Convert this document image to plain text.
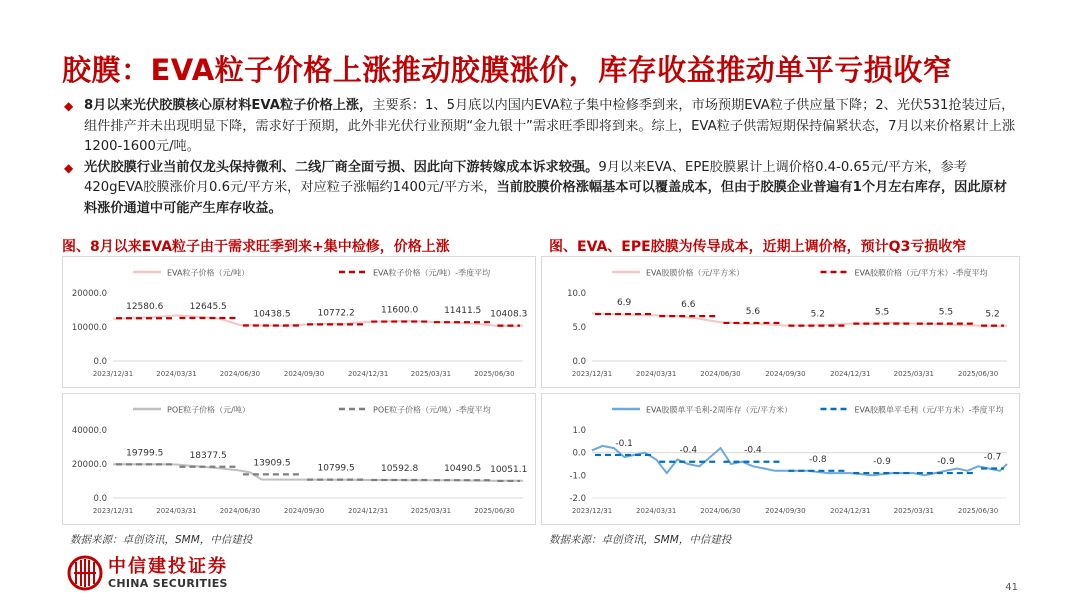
胶膜：EVA粒子价格上涨推动胶膜涨价，库存收益推动单平亏损收窄
◆ 8月以来光伏胶膜核心原材料EVA粒子价格上涨，主要系：1、5月底以内国内EVA粒子集中检修季到来，市场预期EVA粒子供应量下降；2、光伏531抢装过后，组件排产并未出现明显下降，需求好于预期，此外非光伏行业预期“金九银十”需求旺季即将到来。综上，EVA粒子供需短期保持偏紧状态，7月以来价格累计上涨1200-1600元/吨。
◆ 光伏胶膜行业当前仅龙头保持微利、二线厂商全面亏损、因此向下游转嫁成本诉求较强。9月以来EVA、EPE胶膜累计上调价格0.4-0.65元/平方米，参考420gEVA胶膜涨价月0.6元/平方米，对应粒子涨幅约1400元/平方米，当前胶膜价格涨幅基本可以覆盖成本，但由于胶膜企业普遍有1个月左右库存，因此原材料涨价通道中可能产生库存收益。
图、8月以来EVA粒子由于需求旺季到来+集中检修，价格上涨	图、EVA、EPE胶膜为传导成本，近期上调价格，预计Q3亏损收窄
EVA粒子价格（元/吨）	EVA粒子价格（元/吨）-季度平均
0.0
10000.0
20000.0
2023/12/31	2024/03/31	2024/06/30	2024/09/30	2024/12/31	2025/03/31	2025/06/30
12580.6	12645.5
10438.5	10772.2	11600.0	11411.5 10408.3
EVA胶膜价格（元/平方米）	EVA胶膜价格（元/平方米）-季度平均
0.0
5.0
10.0
2023/12/31	2024/03/31	2024/06/30	2024/09/30	2024/12/31	2025/03/31	2025/06/30
6.9	6.6
5.6	5.2	5.5	5.5	5.2
POE粒子价格（元/吨）	POE粒子价格（元/吨）-季度平均
0.0
20000.0
40000.0
2023/12/31	2024/03/31	2024/06/30	2024/09/30	2024/12/31	2025/03/31	2025/06/30
19799.5	18377.5
13909.5
10799.5	10592.8	10490.5 10051.1
EVA胶膜单平毛利-2周库存（元/平方米）	EVA胶膜单平毛利（元/平方米）-季度平均
-2.0
-1.0
0.0
1.0
2023/12/31	2024/03/31	2024/06/30	2024/09/30	2024/12/31	2025/03/31	2025/06/30
-0.1
-0.4	-0.4
-0.8	-0.9	-0.9	-0.7
数据来源：卓创资讯，SMM，中信建投	数据来源：卓创资讯，SMM，中信建投
中信建投证券
CHINA SECURITIES	41
